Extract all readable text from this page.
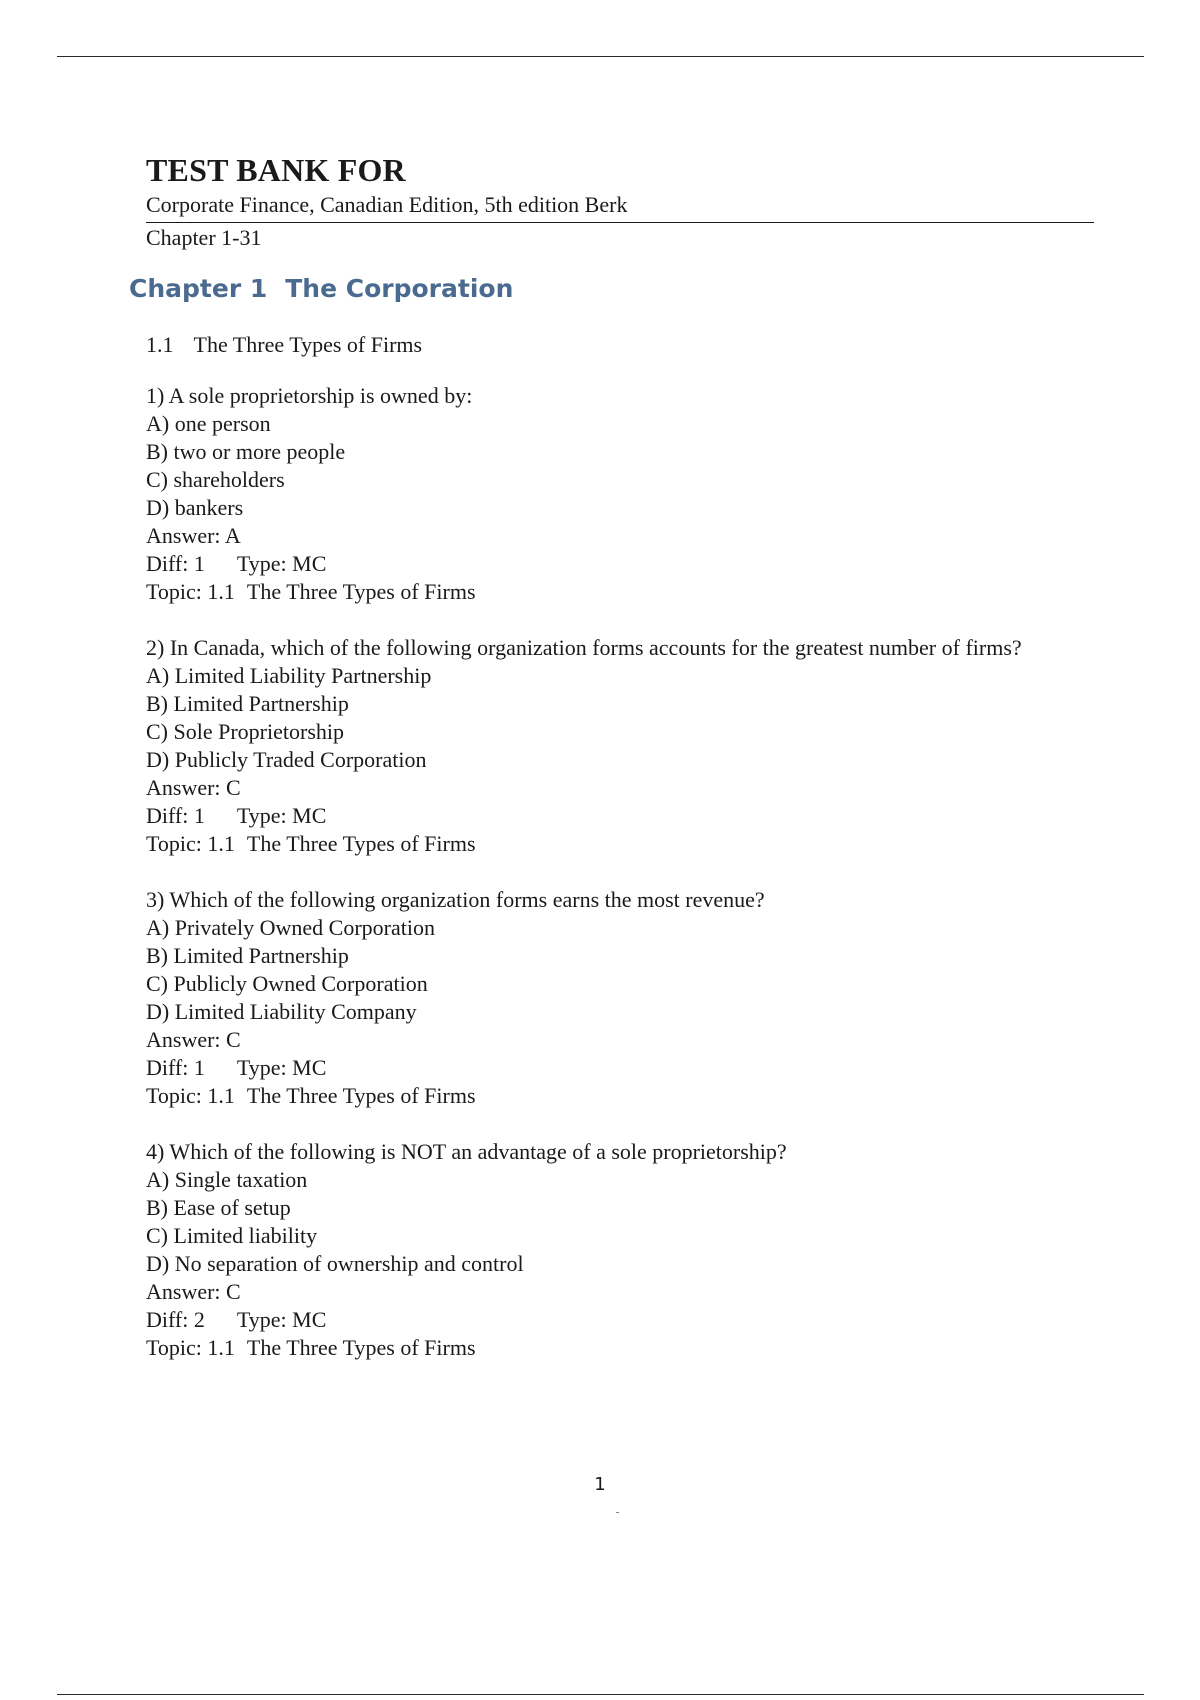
TEST BANK FOR
Corporate Finance, Canadian Edition, 5th edition Berk
Chapter 1-31
Chapter 1 The Corporation
1.1 The Three Types of Firms

1) A sole proprietorship is owned by:

A) one person

B) two or more people

C) shareholders

D) bankers

Answer: A

Diff: 1 Type: MC

Topic: 1.1 The Three Types of Firms

2) In Canada, which of the following organization forms accounts for the greatest number of firms?

A) Limited Liability Partnership

B) Limited Partnership

C) Sole Proprietorship

D) Publicly Traded Corporation

Answer: C

Diff: 1 Type: MC

Topic: 1.1 The Three Types of Firms

3) Which of the following organization forms earns the most revenue?

A) Privately Owned Corporation

B) Limited Partnership

C) Publicly Owned Corporation

D) Limited Liability Company

Answer: C

Diff: 1 Type: MC

Topic: 1.1 The Three Types of Firms

4) Which of the following is NOT an advantage of a sole proprietorship?

A) Single taxation

B) Ease of setup

C) Limited liability

D) No separation of ownership and control

Answer: C

Diff: 2 Type: MC

Topic: 1.1 The Three Types of Firms

1
